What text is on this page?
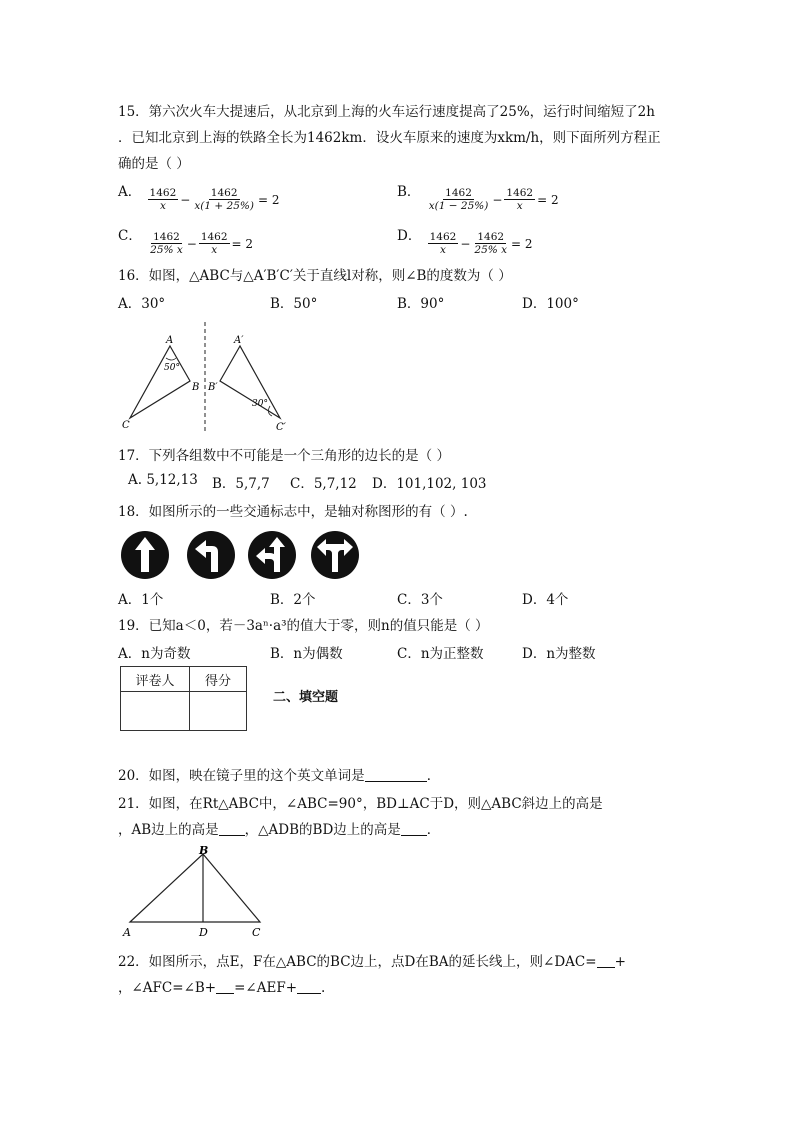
15．第六次火车大提速后，从北京到上海的火车运行速度提高了25%，运行时间缩短了2h
．已知北京到上海的铁路全长为1462km．设火车原来的速度为xkm/h，则下面所列方程正
确的是（ ）
A． $\frac{1462}{x} - \frac{1462}{x(1 + 25\%)} = 2$	B． $\frac{1462}{x(1 - 25\%)} - \frac{1462}{x} = 2$
C． $\frac{1462}{25\% x} - \frac{1462}{x} = 2$	D． $\frac{1462}{x} - \frac{1462}{25\% x} = 2$
16．如图，△ABC与△A′B′C′关于直线l对称，则∠B的度数为（ ）
A．30°	B．50°	B．90°	D．100°
A
B
C
50°
A′
B′
C′
30°
17．下列各组数中不可能是一个三角形的边长的是（ ）
A. 5,12,13 B．5,7,7 C．5,7,12 D．101,102, 103
18．如图所示的一些交通标志中，是轴对称图形的有（ ）.
A．1个	B．2个	C．3个	D．4个
19．已知a＜0，若－3aⁿ·a³的值大于零，则n的值只能是（ ）
A．n为奇数	B．n为偶数	C．n为正整数	D．n为整数
评卷人	得分

二、填空题
20．如图，映在镜子里的这个英文单词是	．
21．如图，在Rt△ABC中，∠ABC=90°，BD⊥AC于D，则△ABC斜边上的高是
，AB边上的高是 ，△ADB的BD边上的高是 ．
B
A	D	C
22．如图所示，点E，F在△ABC的BC边上，点D在BA的延长线上，则∠DAC= +
，∠AFC=∠B+ =∠AEF+ .
